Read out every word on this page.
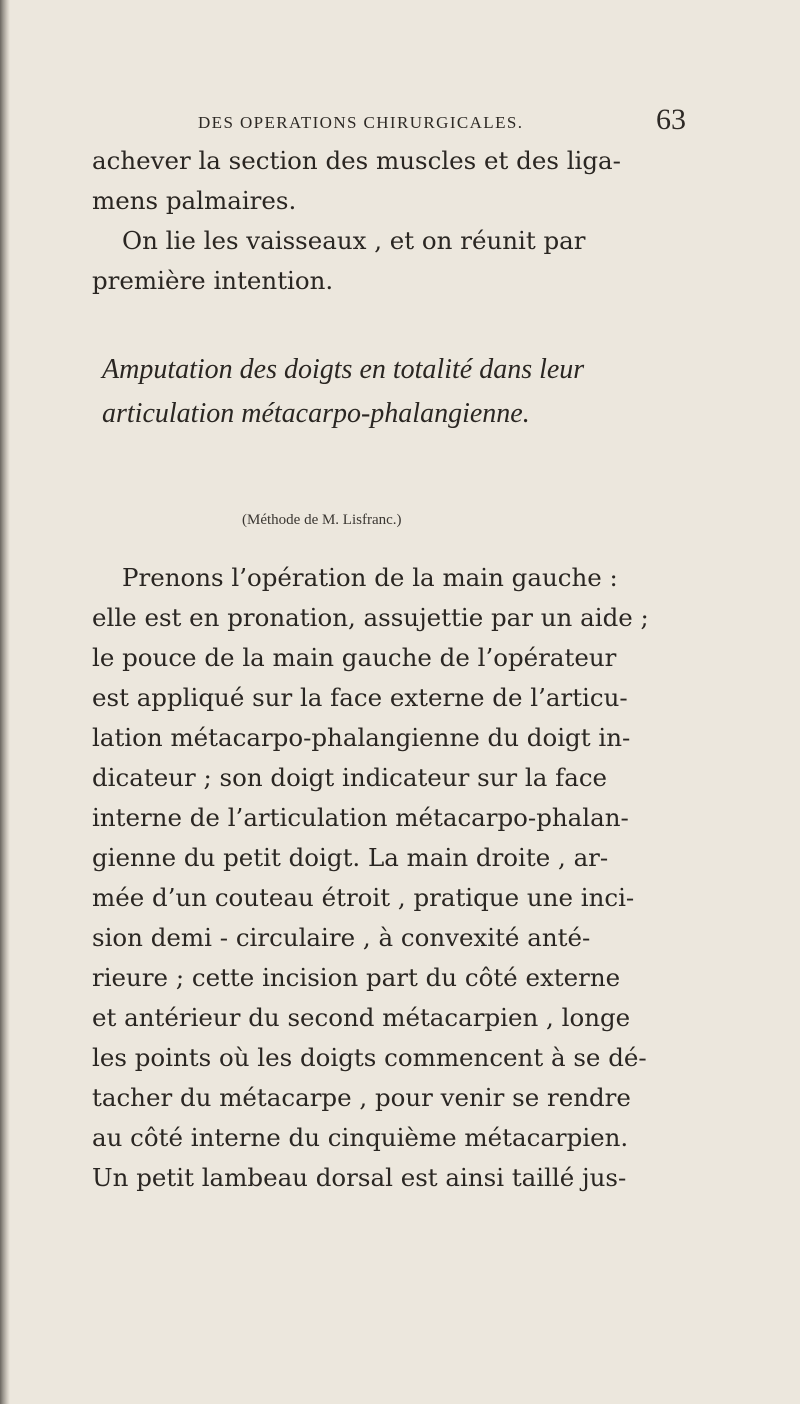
DES OPERATIONS CHIRURGICALES.	63
achever la section des muscles et des liga-
mens palmaires.
On lie les vaisseaux , et on réunit par
première intention.
Amputation des doigts en totalité dans leur
articulation métacarpo-phalangienne.

(Méthode de M. Lisfranc.)

Prenons l’opération de la main gauche :
elle est en pronation, assujettie par un aide ;
le pouce de la main gauche de l’opérateur
est appliqué sur la face externe de l’articu-
lation métacarpo-phalangienne du doigt in-
dicateur ; son doigt indicateur sur la face
interne de l’articulation métacarpo-phalan-
gienne du petit doigt. La main droite , ar-
mée d’un couteau étroit , pratique une inci-
sion demi - circulaire , à convexité anté-
rieure ; cette incision part du côté externe
et antérieur du second métacarpien , longe
les points où les doigts commencent à se dé-
tacher du métacarpe , pour venir se rendre
au côté interne du cinquième métacarpien.
Un petit lambeau dorsal est ainsi taillé jus-
